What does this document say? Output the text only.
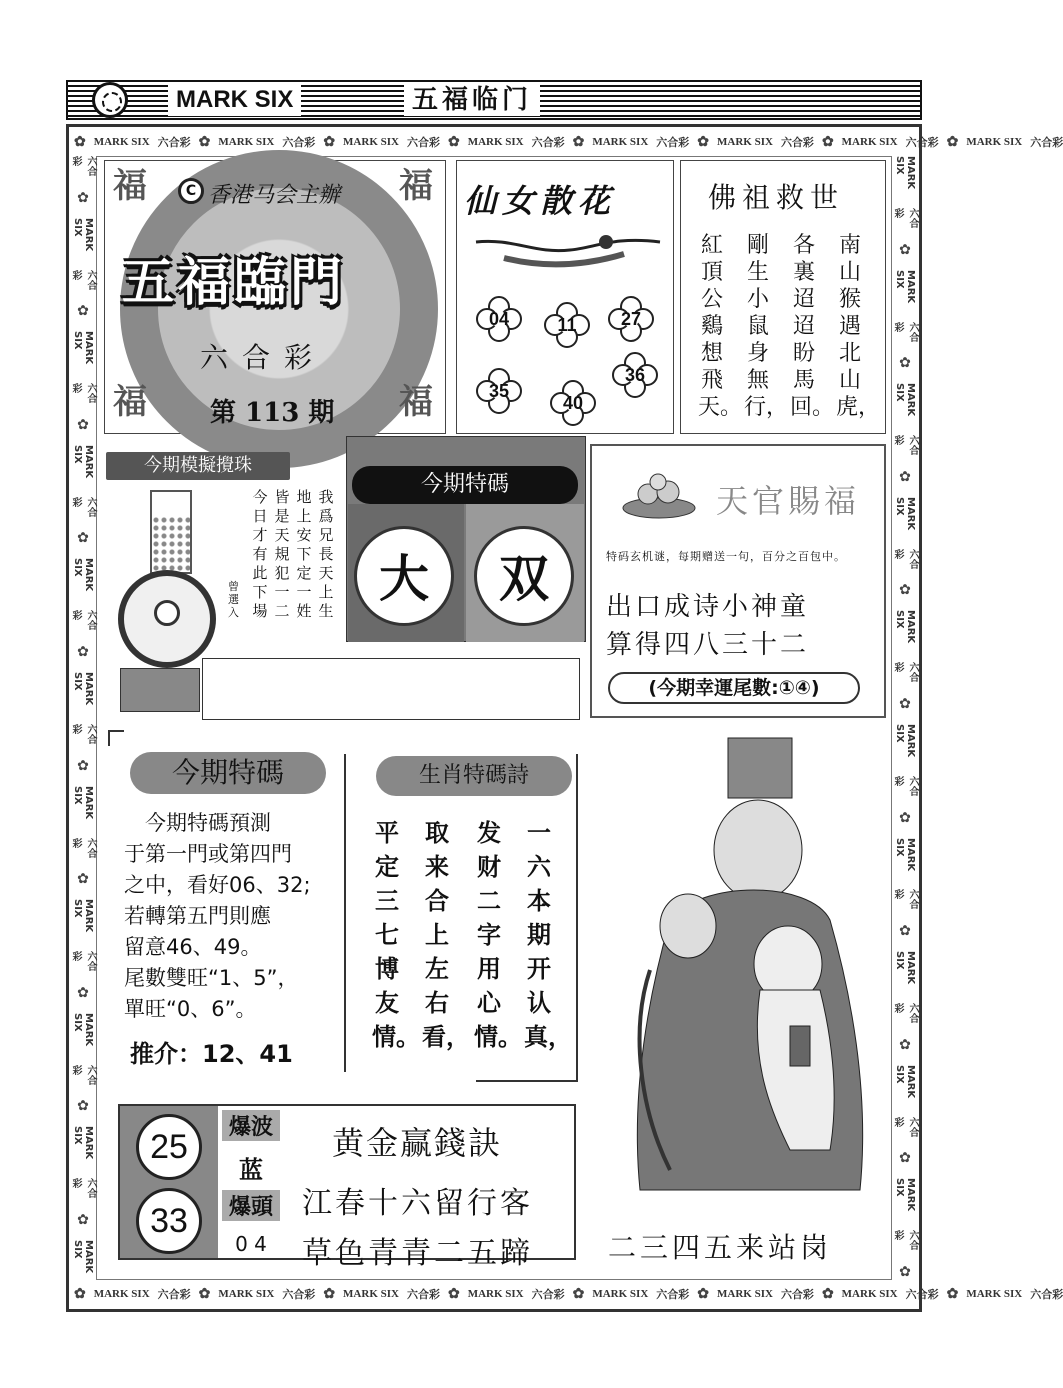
MARK SIX	五福临门
✿ MARK SIX 六合彩 ✿ MARK SIX 六合彩 ✿ MARK SIX 六合彩 ✿ MARK SIX 六合彩 ✿ MARK SIX 六合彩 ✿ MARK SIX 六合彩 ✿ MARK SIX 六合彩 ✿ MARK SIX 六合彩
✿ MARK SIX 六合彩 ✿ MARK SIX 六合彩 ✿ MARK SIX 六合彩 ✿ MARK SIX 六合彩 ✿ MARK SIX 六合彩 ✿ MARK SIX 六合彩 ✿ MARK SIX 六合彩 ✿ MARK SIX 六合彩
六合彩
✿
MARK SIX
六合彩
✿
MARK SIX
六合彩
✿
MARK SIX
六合彩
✿
MARK SIX
六合彩
✿
MARK SIX
六合彩
✿
MARK SIX
六合彩
✿
MARK SIX
六合彩
✿
MARK SIX
六合彩
✿
MARK SIX
六合彩
✿
MARK SIX
MARK SIX
六合彩
✿
MARK SIX
六合彩
✿
MARK SIX
六合彩
✿
MARK SIX
六合彩
✿
MARK SIX
六合彩
✿
MARK SIX
六合彩
✿
MARK SIX
六合彩
✿
MARK SIX
六合彩
✿
MARK SIX
六合彩
✿
MARK SIX
六合彩
✿
福	福
福	福
C 香港马会主辦
五福臨門
六合彩
第 113 期
仙女散花
04	11	27
35
40
36
佛祖救世
南山猴遇北山虎，
各裏迢迢盼馬回。
剛生小鼠身無行，
紅頂公鷄想飛天。
今期模擬攪珠
曾選入
我爲兄長天上生
地上安下定一姓
皆是天規犯一二
今日才有此下場
今期特碼
大	双
天官賜福
特码玄机谜，每期赠送一句，百分之百包中。
出口成诗小神童
算得四八三十二
(今期幸運尾數:①④)
今期特碼
　今期特碼預測
于第一門或第四門
之中，看好06、32;
若轉第五門則應
留意46、49。
尾數雙旺“1、5”，
單旺“0、6”。
推介：12、41
生肖特碼詩
一六本期开认真，
发财二字用心情。
取来合上左右看，
平定三七博友情。
25
33
爆波
蓝
爆頭
0 4
黄金赢錢訣
江春十六留行客
草色青青二五蹄	二三四五来站岗
